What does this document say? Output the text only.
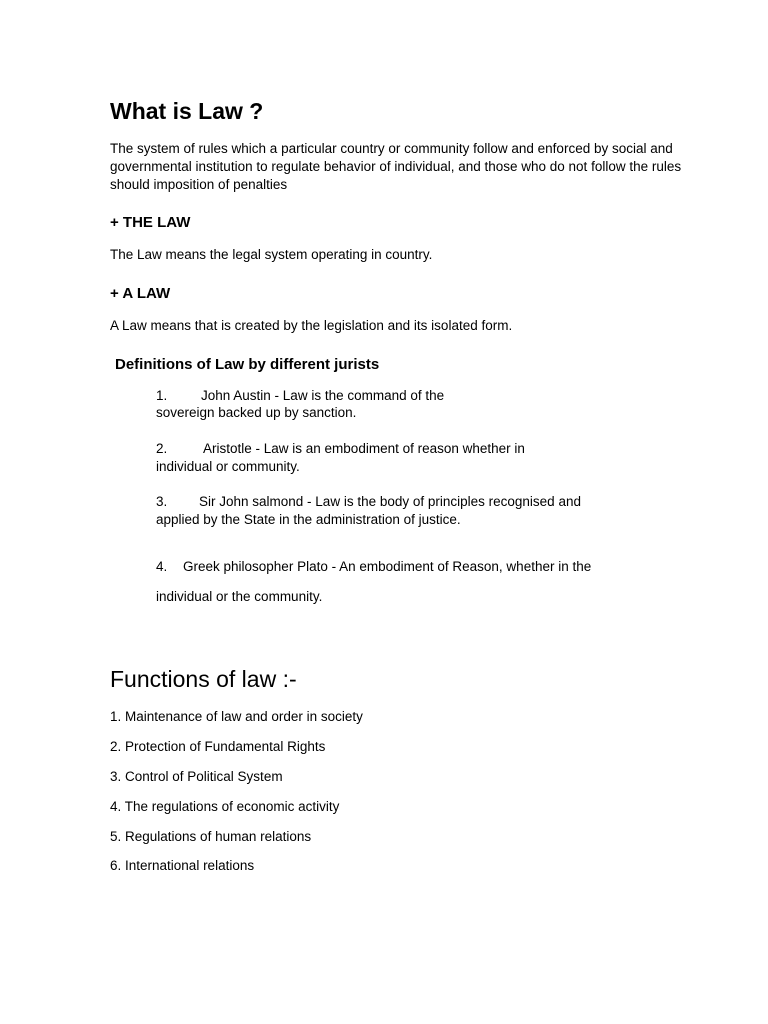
What is Law ?

The system of rules which a particular country or community follow and enforced by social and

governmental institution to regulate behavior of individual, and those who do not follow the rules

should imposition of penalties

+ THE LAW

The Law means the legal system operating in country.

+ A LAW

A Law means that is created by the legislation and its isolated form.

Definitions of Law by different jurists

1. John Austin - Law is the command of the

sovereign backed up by sanction.

2.	Aristotle - Law is an embodiment of reason whether in

individual or community.

3. Sir John salmond - Law is the body of principles recognised and

applied by the State in the administration of justice.

4. Greek philosopher Plato - An embodiment of Reason, whether in the

individual or the community.

Functions of law :-

1. Maintenance of law and order in society

2. Protection of Fundamental Rights

3. Control of Political System

4. The regulations of economic activity

5. Regulations of human relations

6. International relations
